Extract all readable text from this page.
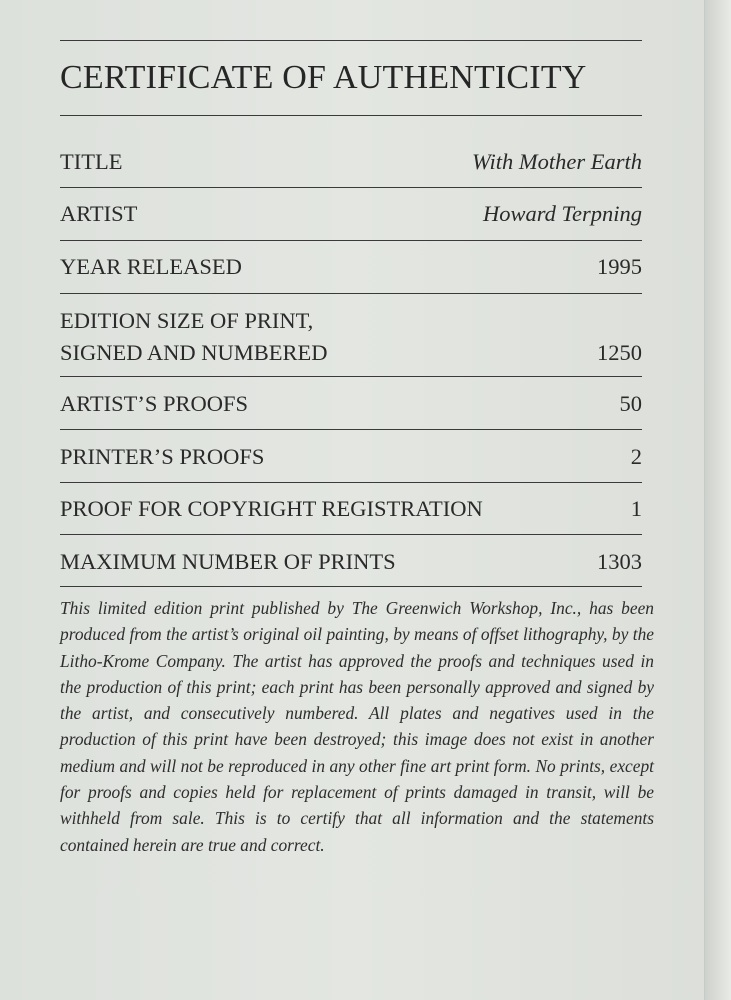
CERTIFICATE OF AUTHENTICITY
TITLE	With Mother Earth
ARTIST	Howard Terpning
YEAR RELEASED	1995
EDITION SIZE OF PRINT,
SIGNED AND NUMBERED	1250
ARTIST’S PROOFS	50
PRINTER’S PROOFS	2
PROOF FOR COPYRIGHT REGISTRATION	1
MAXIMUM NUMBER OF PRINTS	1303
This limited edition print published by The Greenwich Workshop, Inc., has been produced from the artist’s original oil painting, by means of offset lithography, by the Litho-Krome Company. The artist has approved the proofs and techniques used in the production of this print; each print has been personally approved and signed by the artist, and consecutively numbered. All plates and negatives used in the production of this print have been destroyed; this image does not exist in another medium and will not be reproduced in any other fine art print form. No prints, except for proofs and copies held for replacement of prints damaged in transit, will be withheld from sale. This is to certify that all information and the statements contained herein are true and correct.
